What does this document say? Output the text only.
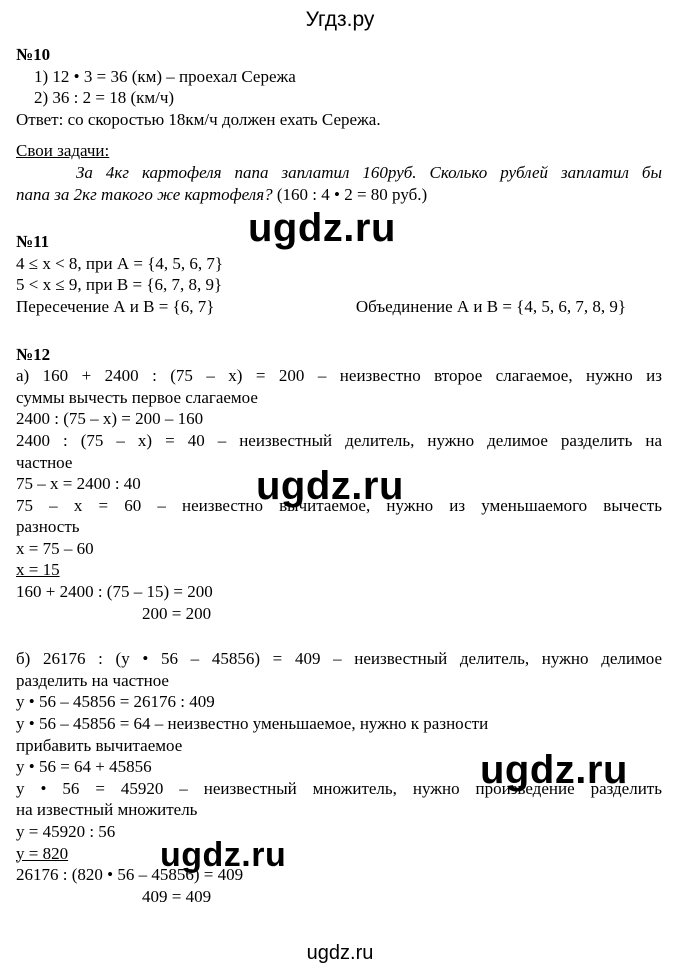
Угдз.ру
№10
1) 12 • 3 = 36 (км) – проехал Сережа
2) 36 : 2 = 18 (км/ч)
Ответ: со скоростью 18км/ч должен ехать Сережа.
Свои задачи:
За 4кг картофеля папа заплатил 160руб. Сколько рублей заплатил бы
папа за 2кг такого же картофеля? (160 : 4 • 2 = 80 руб.)
№11
4 ≤ x < 8, при А = {4, 5, 6, 7}
5 < x ≤ 9, при В = {6, 7, 8, 9}
Пересечение А и В = {6, 7}	Объединение А и В = {4, 5, 6, 7, 8, 9}
№12
а) 160 + 2400 : (75 – x) = 200 – неизвестно второе слагаемое, нужно из
суммы вычесть первое слагаемое
2400 : (75 – x) = 200 – 160
2400 : (75 – x) = 40 – неизвестный делитель, нужно делимое разделить на
частное
75 – x = 2400 : 40
75 – x = 60 – неизвестно вычитаемое, нужно из уменьшаемого вычесть
разность
x = 75 – 60
x = 15
160 + 2400 : (75 – 15) = 200
200 = 200
б) 26176 : (y • 56 – 45856) = 409 – неизвестный делитель, нужно делимое
разделить на частное
y • 56 – 45856 = 26176 : 409
y • 56 – 45856 = 64 – неизвестно уменьшаемое, нужно к разности
прибавить вычитаемое
y • 56 = 64 + 45856
y • 56 = 45920 – неизвестный множитель, нужно произведение разделить
на известный множитель
y = 45920 : 56
y = 820
26176 : (820 • 56 – 45856) = 409
409 = 409
ugdz.ru
ugdz.ru
ugdz.ru
ugdz.ru
ugdz.ru
